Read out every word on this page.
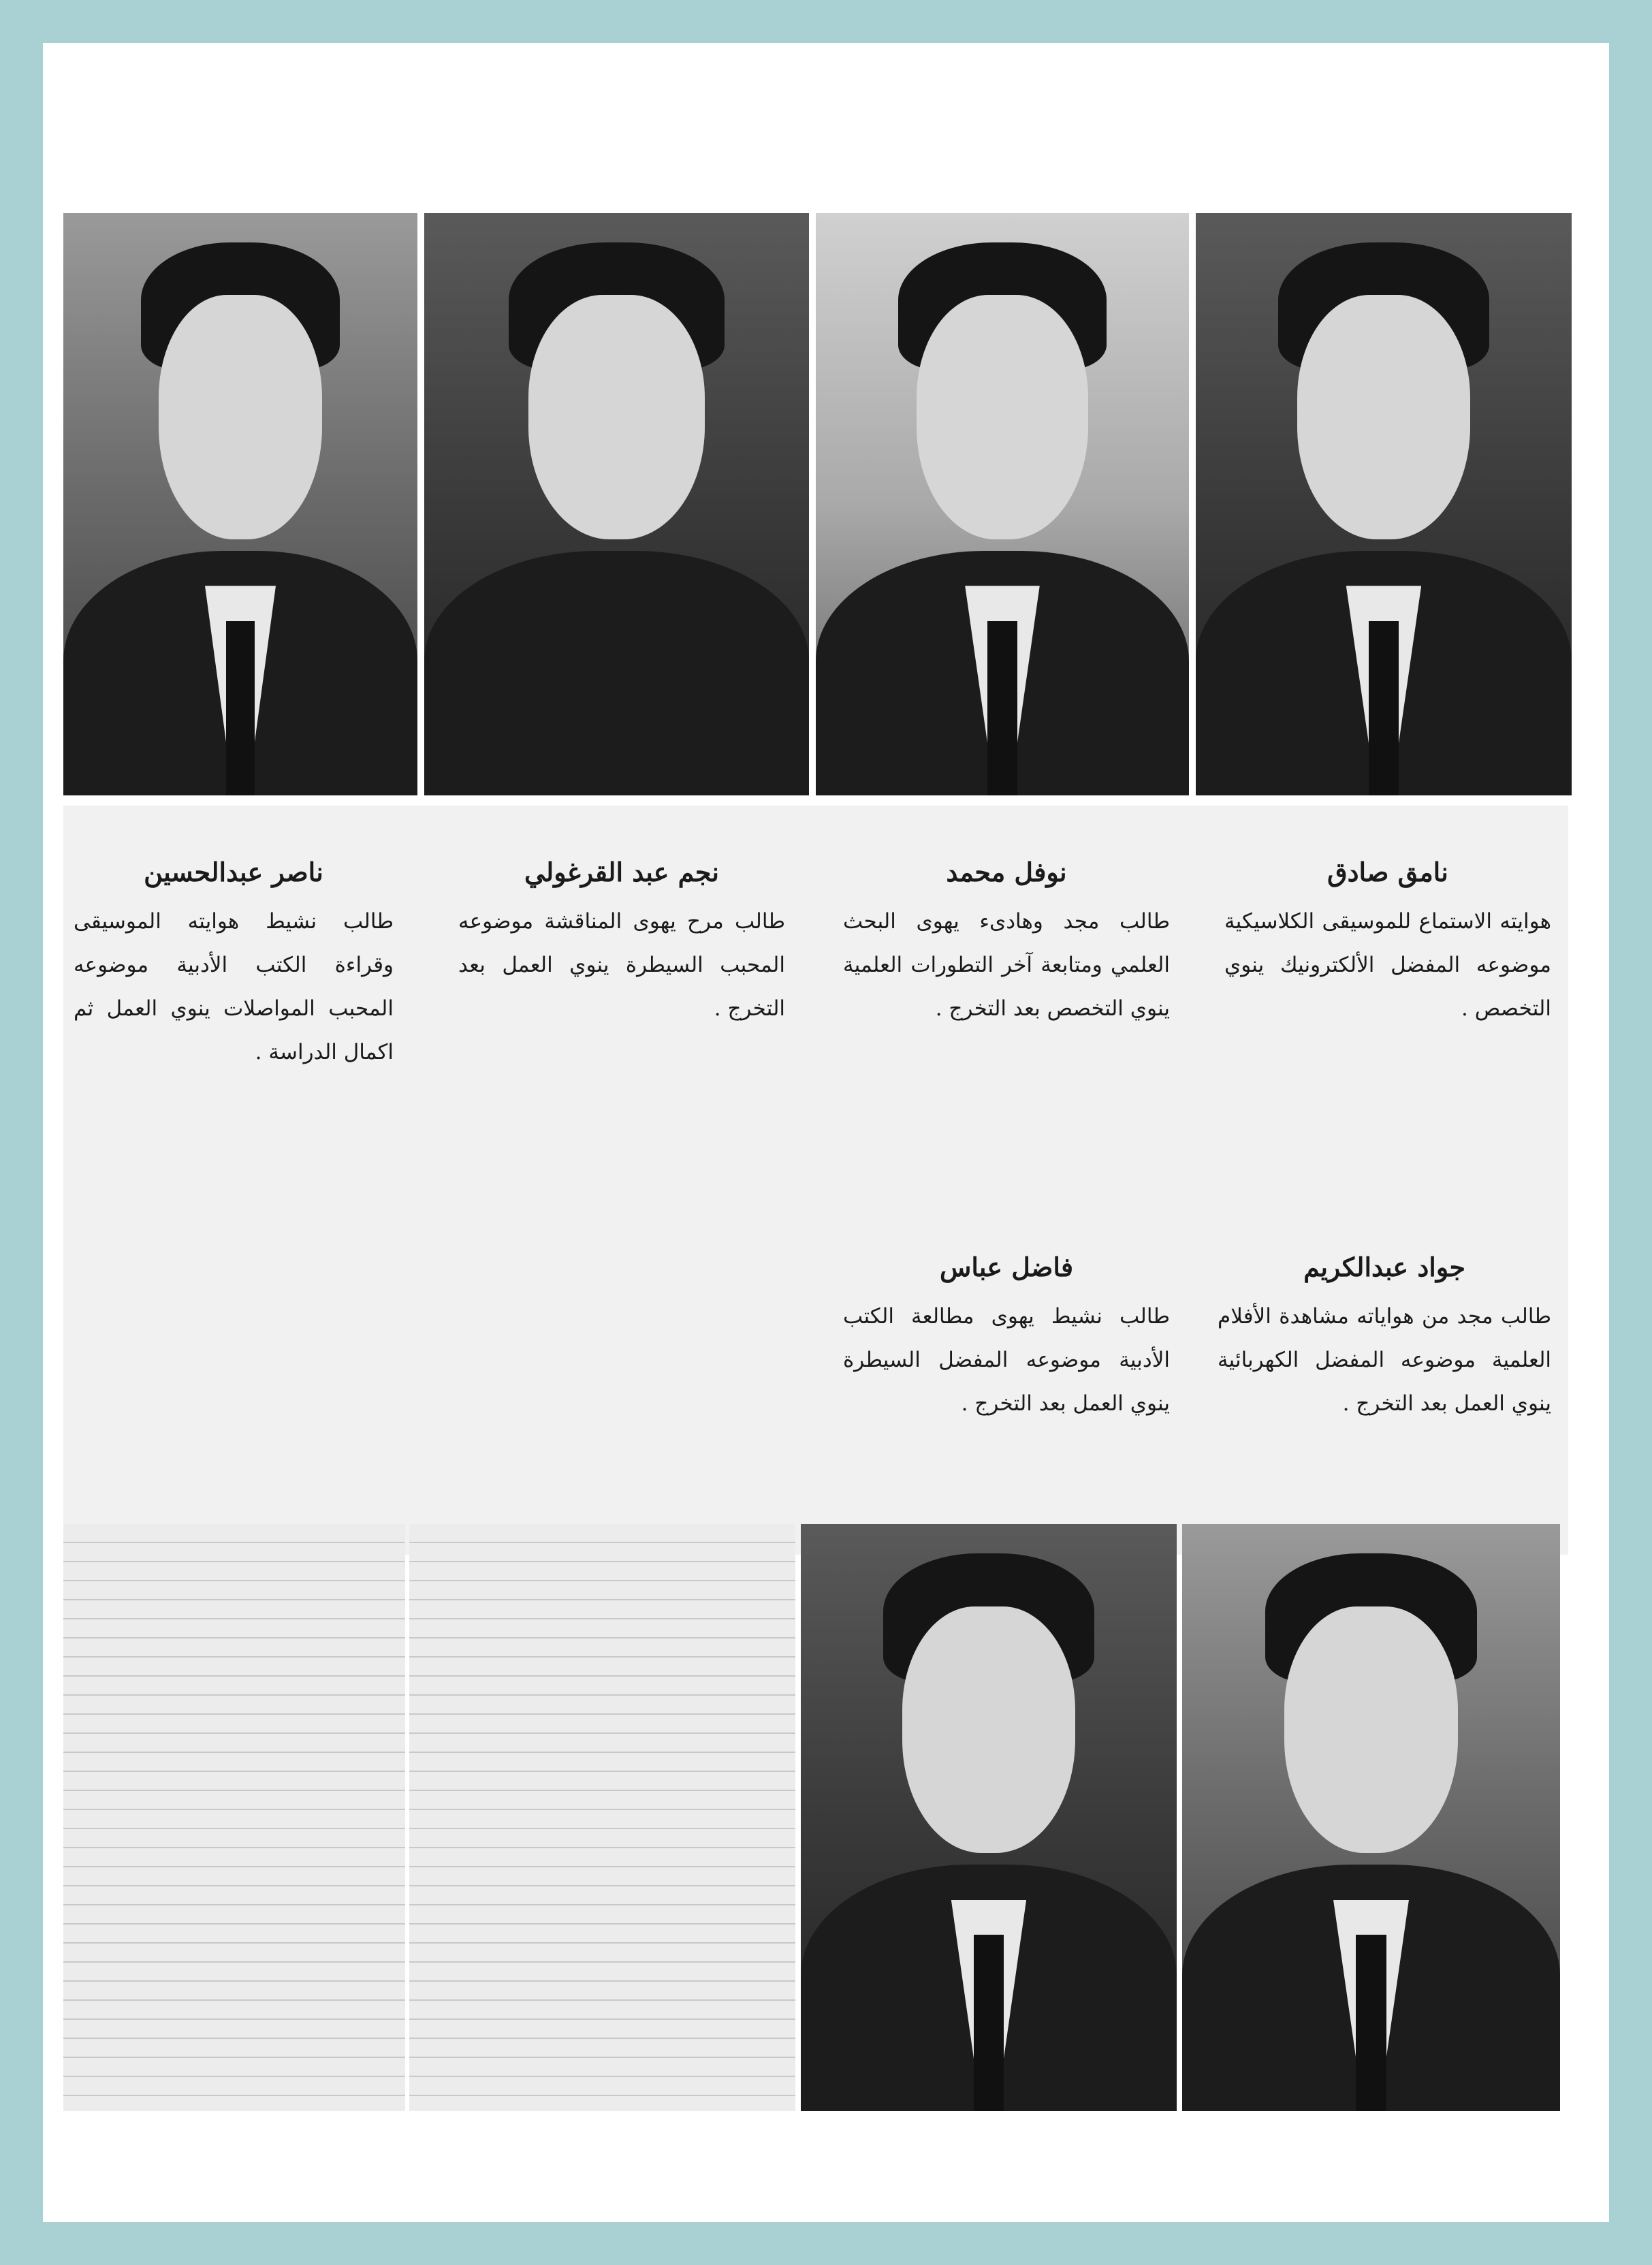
ناصر عبدالحسين
طالب نشيط هوايته الموسيقى وقراءة الكتب الأدبية موضوعه المحبب المواصلات ينوي العمل ثم اكمال الدراسة .
نجم عبد القرغولي
طالب مرح يهوى المناقشة موضوعه المحبب السيطرة ينوي العمل بعد التخرج .
نوفل محمد
طالب مجد وهادىء يهوى البحث العلمي ومتابعة آخر التطورات العلمية ينوي التخصص بعد التخرج .
نامق صادق
هوايته الاستماع للموسيقى الكلاسيكية موضوعه المفضل الألكترونيك ينوي التخصص .
فاضل عباس
طالب نشيط يهوى مطالعة الكتب الأدبية موضوعه المفضل السيطرة ينوي العمل بعد التخرج .
جواد عبدالكريم
طالب مجد من هواياته مشاهدة الأفلام العلمية موضوعه المفضل الكهربائية ينوي العمل بعد التخرج .
